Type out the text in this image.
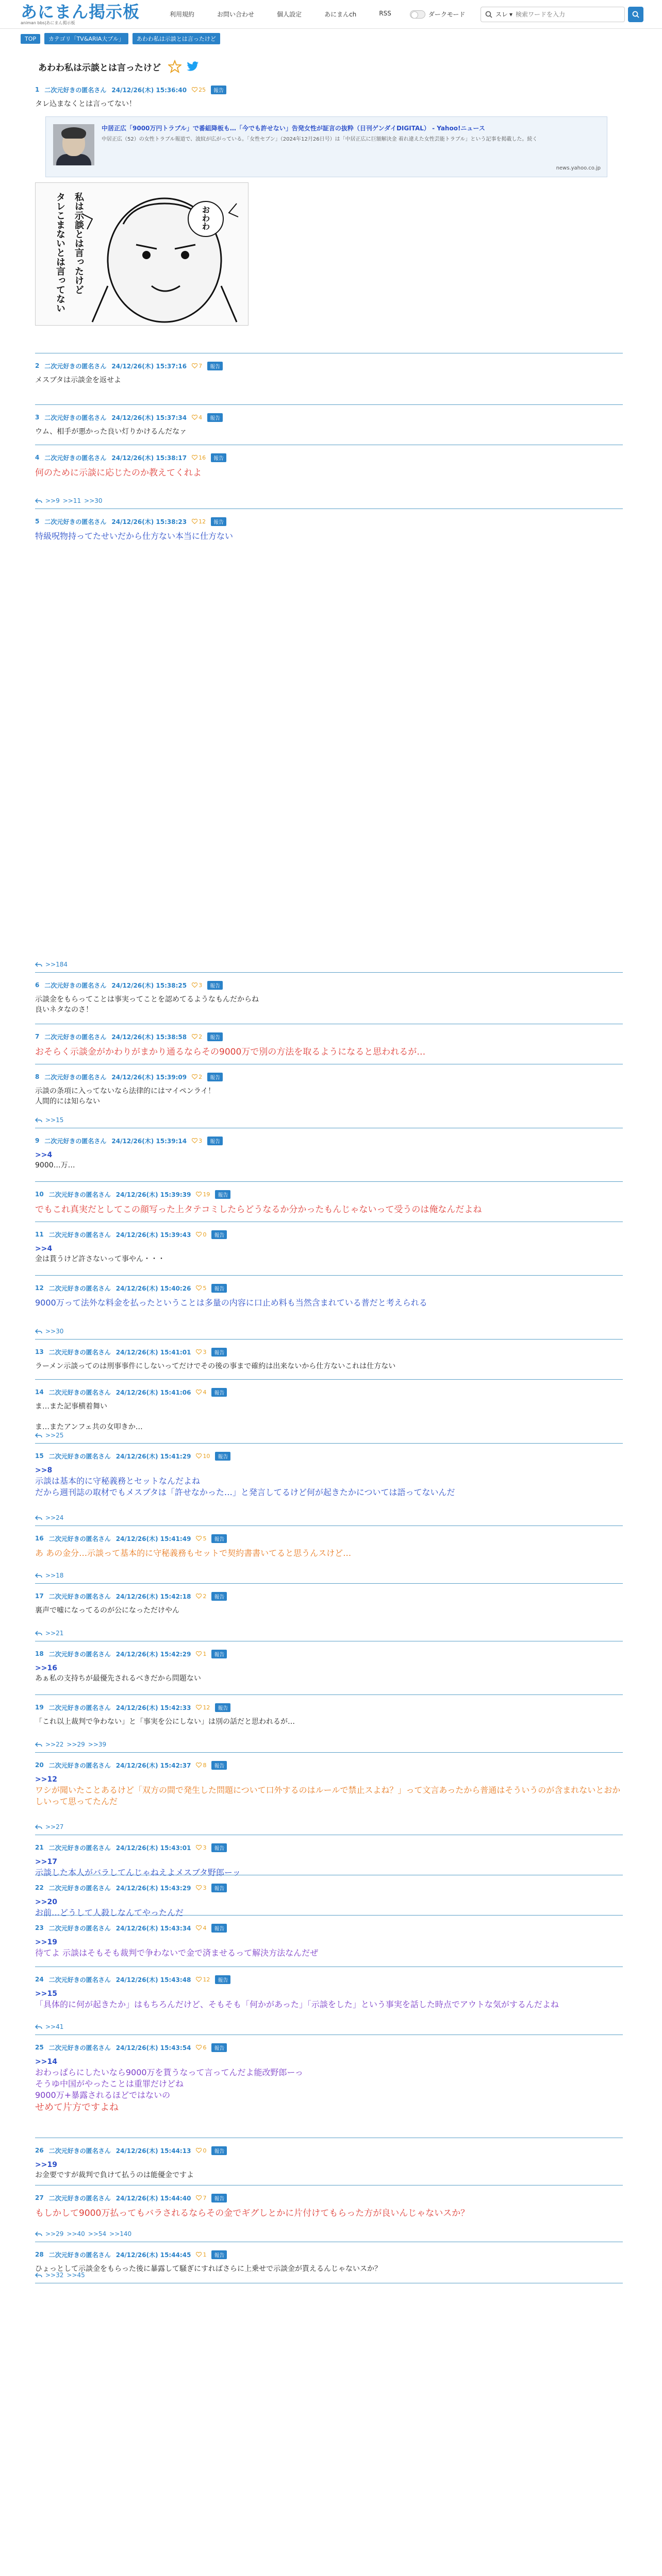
あにまん掲示板
animan bbs|あにまん掲示板
利用規約	お問い合わせ	個人設定	あにまんch	RSS	ダークモード	スレ ▾
検索ワードを入力
TOP	カテゴリ「TV&ARIA大ブル」	あわわ私は示談とは言ったけど
あわわ私は示談とは言ったけど
1 二次元好きの匿名さん 24/12/26(木) 15:36:40 25	報告
タレ込まなくとは言ってない！
中居正広「9000万円トラブル」で番組降板も…「今でも許せない」告発女性が証言の抜粋（日刊ゲンダイDIGITAL） - Yahoo!ニュース
中居正広（52）の女性トラブル報道で、波紋が広がっている。「女性セブン」（2024年12月26日号）は「中居正広に巨額解決金 着れ違えた女性芸能トラブル」という記事を掲載した。続く
news.yahoo.co.jp
おわわ
私は示談とは言ったけど
タレこまないとは言ってない
2 二次元好きの匿名さん 24/12/26(木) 15:37:16 7	報告
メスブタは示談金を返せよ
3 二次元好きの匿名さん 24/12/26(木) 15:37:34 4	報告
ウム、相手が悪かった良い灯りかけるんだなァ
4 二次元好きの匿名さん 24/12/26(木) 15:38:17 16	報告
何のために示談に応じたのか教えてくれよ
>>9 >>11 >>30
5 二次元好きの匿名さん 24/12/26(木) 15:38:23 12	報告
特級呪物持ってたせいだから仕方ない本当に仕方ない
>>184
6 二次元好きの匿名さん 24/12/26(木) 15:38:25 3	報告
示談金をもらってことは事実ってことを認めてるようなもんだからね
良いネタなのさ！
7 二次元好きの匿名さん 24/12/26(木) 15:38:58 2	報告
おそらく示談金がかわりがまかり通るならその9000万で別の方法を取るようになると思われるが…
8 二次元好きの匿名さん 24/12/26(木) 15:39:09 2	報告
示談の条項に入ってないなら法律的にはマイペンライ！
人間的には知らない
>>15
9 二次元好きの匿名さん 24/12/26(木) 15:39:14 3	報告
>>4
9000…万…
10 二次元好きの匿名さん 24/12/26(木) 15:39:39 19	報告
でもこれ真実だとしてこの顔写った上タテコミしたらどうなるか分かったもんじゃないって受うのは俺なんだよね
11 二次元好きの匿名さん 24/12/26(木) 15:39:43 0	報告
>>4
金は貰うけど許さないって事やん・・・
12 二次元好きの匿名さん 24/12/26(木) 15:40:26 5	報告
9000万って法外な料金を払ったということは多量の内容に口止め料も当然含まれている普だと考えられる
>>30
13 二次元好きの匿名さん 24/12/26(木) 15:41:01 3	報告
ラーメン示談ってのは刑事事件にしないってだけでその後の事まで確約は出来ないから仕方ないこれは仕方ない
14 二次元好きの匿名さん 24/12/26(木) 15:41:06 4	報告
ま…また記事横着舞い
ま…またアンフェ共の女叩きか…
>>25
15 二次元好きの匿名さん 24/12/26(木) 15:41:29 10	報告
>>8
示談は基本的に守秘義務とセットなんだよね
だから週刊誌の取材でもメスブタは「許せなかった…」と発言してるけど何が起きたかについては語ってないんだ
>>24
16 二次元好きの匿名さん 24/12/26(木) 15:41:49 5	報告
あ あの金分…示談って基本的に守秘義務もセットで契約書書いてると思うんスけど…
>>18
17 二次元好きの匿名さん 24/12/26(木) 15:42:18 2	報告
裏声で嘘になってるのが公になっただけやん
>>21
18 二次元好きの匿名さん 24/12/26(木) 15:42:29 1	報告
>>16
あぁ私の支持ちが最優先されるべきだから問題ない
19 二次元好きの匿名さん 24/12/26(木) 15:42:33 12	報告
「これ以上裁判で争わない」と「事実を公にしない」は別の話だと思われるが…
>>22 >>29 >>39
20 二次元好きの匿名さん 24/12/26(木) 15:42:37 8	報告
>>12
ワシが聞いたことあるけど「双方の間で発生した問題について口外するのはルールで禁止スよね？」って文言あったから普通はそういうのが含まれないとおかしいって思ってたんだ
>>27
21 二次元好きの匿名さん 24/12/26(木) 15:43:01 3	報告
>>17
示談した本人がバラしてんじゃねえよメスブタ野郎ーッ
22 二次元好きの匿名さん 24/12/26(木) 15:43:29 3	報告
>>20
お前…どうして人殺しなんてやったんだ
23 二次元好きの匿名さん 24/12/26(木) 15:43:34 4	報告
>>19
待てよ 示談はそもそも裁判で争わないで金で済ませるって解決方法なんだぜ
24 二次元好きの匿名さん 24/12/26(木) 15:43:48 12	報告
>>15
「具体的に何が起きたか」はもちろんだけど、そもそも「何かがあった」「示談をした」という事実を話した時点でアウトな気がするんだよね
>>41
25 二次元好きの匿名さん 24/12/26(木) 15:43:54 6	報告
>>14
おわっぱらにしたいなら9000万を貰うなって言ってんだよ能改野郎ーっ
そうゆ中国がやったことは重罪だけどね
9000万+暴露されるほどではないの
せめて片方ですよね
26 二次元好きの匿名さん 24/12/26(木) 15:44:13 0	報告
>>19
お金要ですが裁判で負けて払うのは能優金ですよ
27 二次元好きの匿名さん 24/12/26(木) 15:44:40 7	報告
もしかして9000万払ってもバラされるならその金でギグしとかに片付けてもらった方が良いんじゃないスか？
>>29 >>40 >>54 >>140
28 二次元好きの匿名さん 24/12/26(木) 15:44:45 1	報告
ひょっとして示談金をもらった後に暴露して騒ぎにすればさらに上乗せで示談金が貰えるんじゃないスか？
>>32 >>45
